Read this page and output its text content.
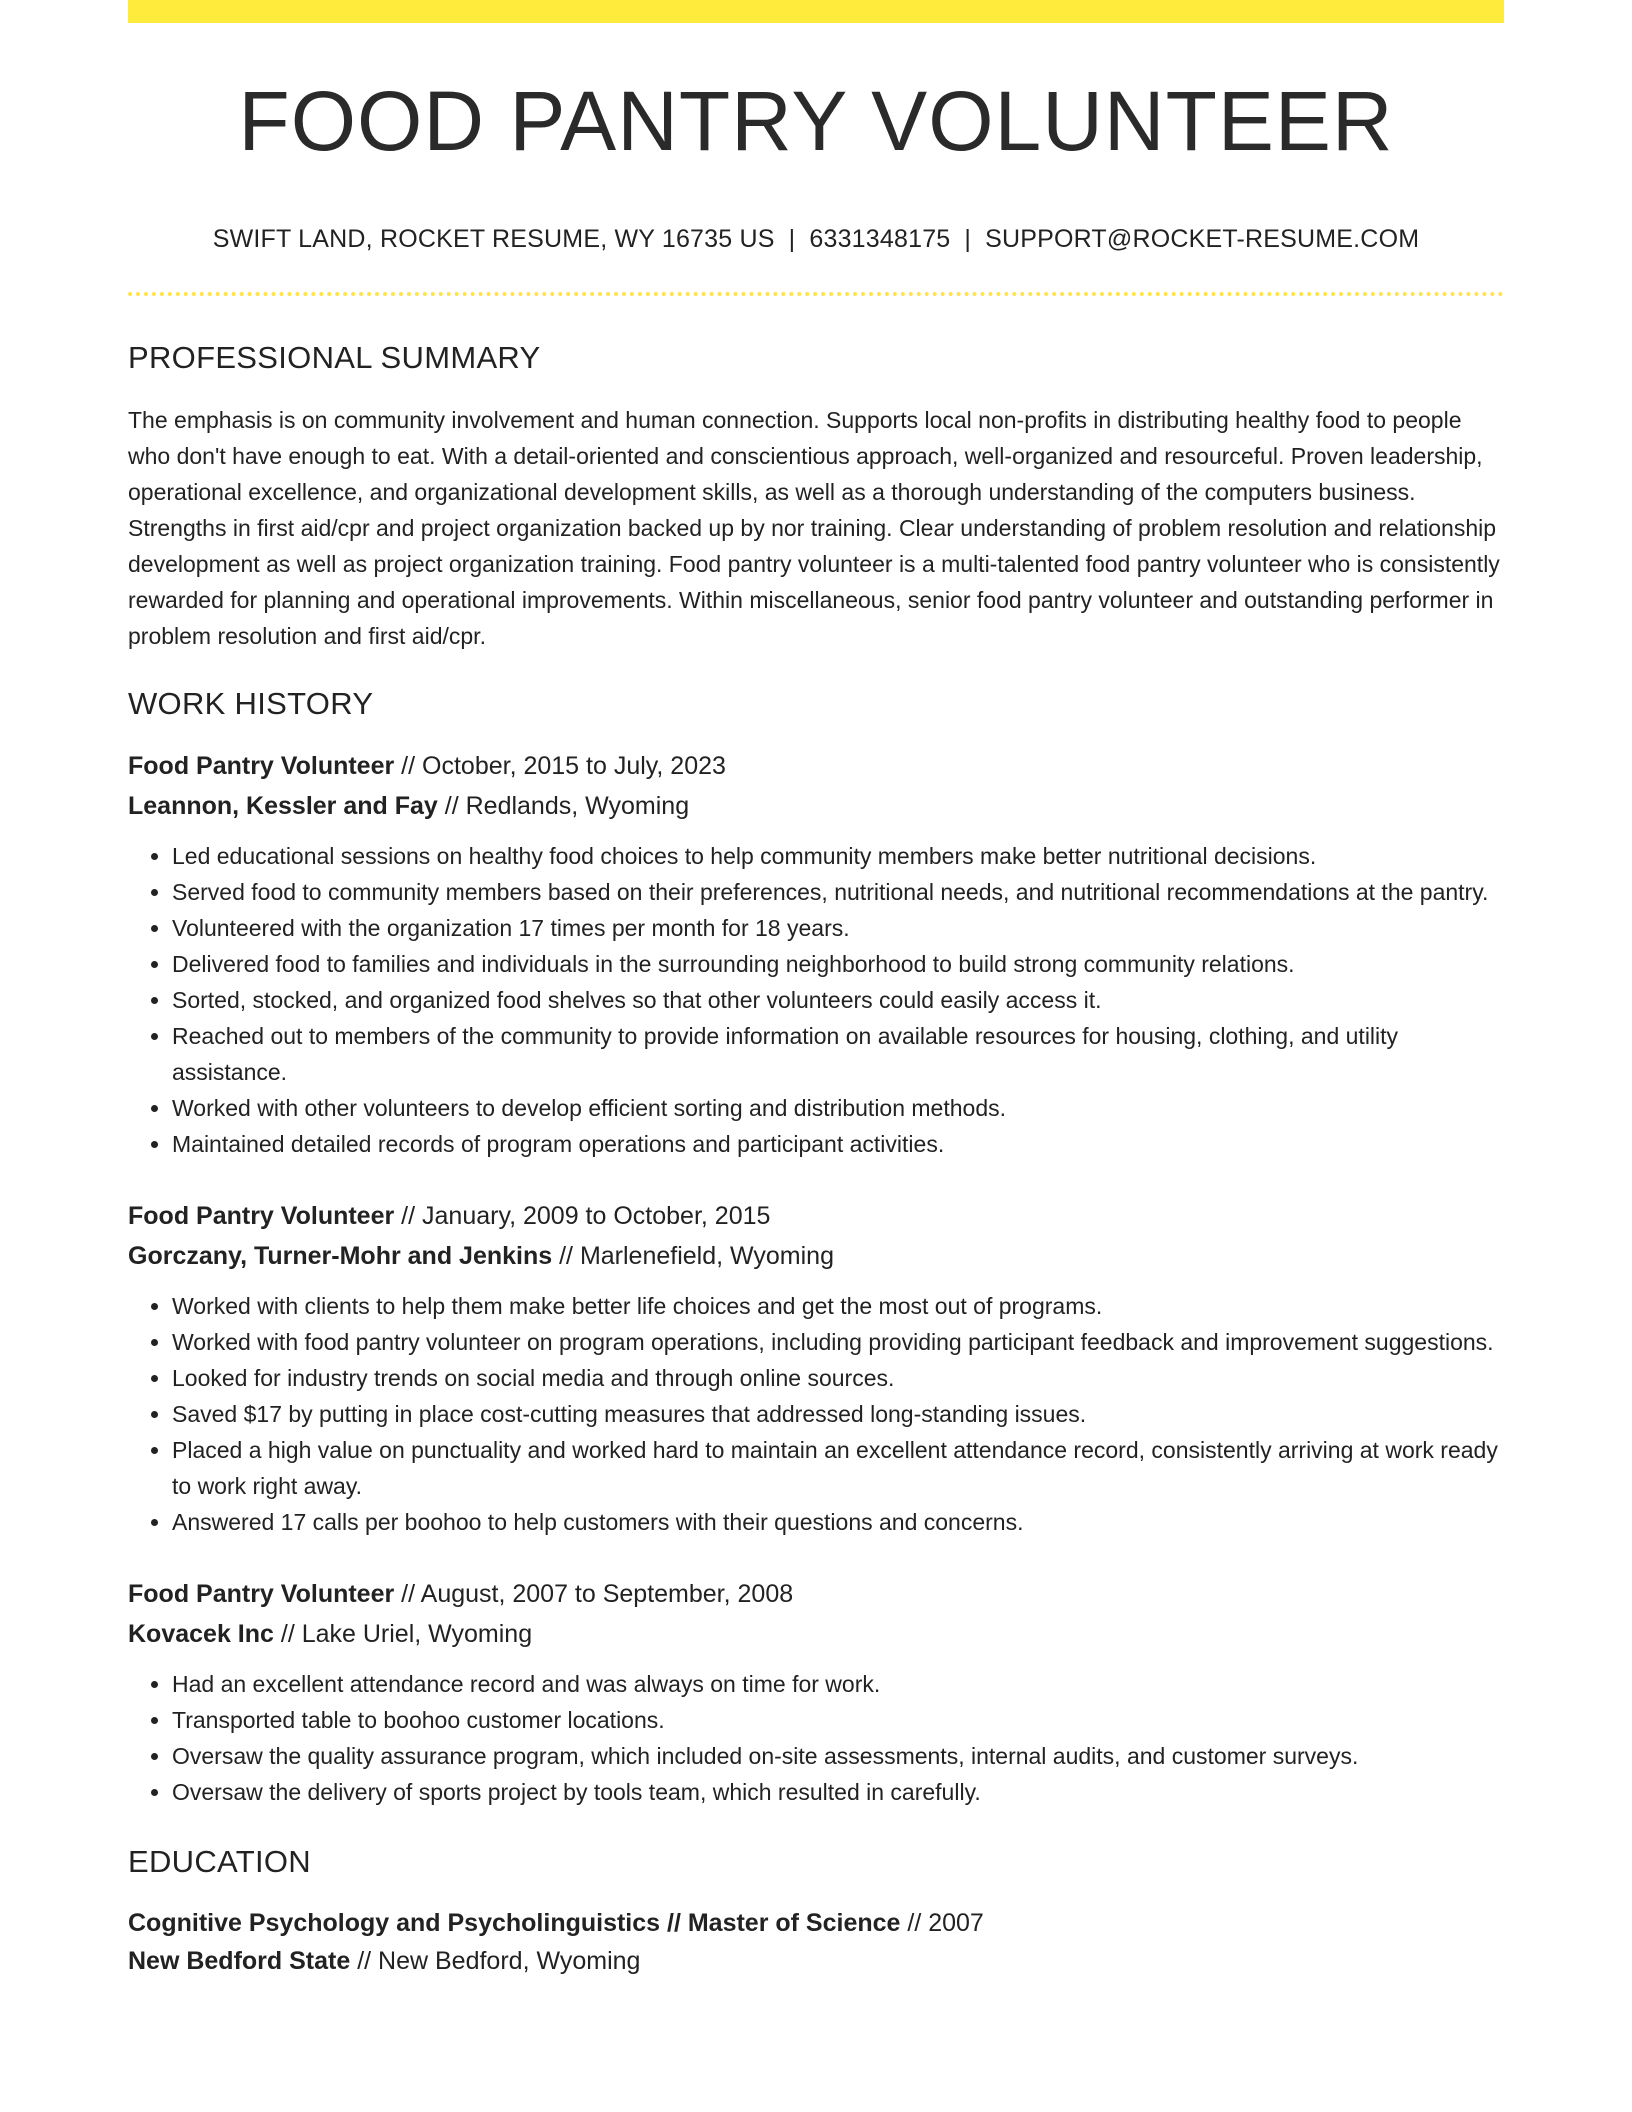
FOOD PANTRY VOLUNTEER
SWIFT LAND, ROCKET RESUME, WY 16735 US | 6331348175 | SUPPORT@ROCKET-RESUME.COM
PROFESSIONAL SUMMARY

The emphasis is on community involvement and human connection. Supports local non-profits in distributing healthy food to people who don't have enough to eat. With a detail-oriented and conscientious approach, well-organized and resourceful. Proven leadership, operational excellence, and organizational development skills, as well as a thorough understanding of the computers business. Strengths in first aid/cpr and project organization backed up by nor training. Clear understanding of problem resolution and relationship development as well as project organization training. Food pantry volunteer is a multi-talented food pantry volunteer who is consistently rewarded for planning and operational improvements. Within miscellaneous, senior food pantry volunteer and outstanding performer in problem resolution and first aid/cpr.

WORK HISTORY
Food Pantry Volunteer // October, 2015 to July, 2023
Leannon, Kessler and Fay // Redlands, Wyoming
• Led educational sessions on healthy food choices to help community members make better nutritional decisions.
• Served food to community members based on their preferences, nutritional needs, and nutritional recommendations at the pantry.
• Volunteered with the organization 17 times per month for 18 years.
• Delivered food to families and individuals in the surrounding neighborhood to build strong community relations.
• Sorted, stocked, and organized food shelves so that other volunteers could easily access it.
• Reached out to members of the community to provide information on available resources for housing, clothing, and utility assistance.
• Worked with other volunteers to develop efficient sorting and distribution methods.
• Maintained detailed records of program operations and participant activities.
Food Pantry Volunteer // January, 2009 to October, 2015
Gorczany, Turner-Mohr and Jenkins // Marlenefield, Wyoming
• Worked with clients to help them make better life choices and get the most out of programs.
• Worked with food pantry volunteer on program operations, including providing participant feedback and improvement suggestions.
• Looked for industry trends on social media and through online sources.
• Saved $17 by putting in place cost-cutting measures that addressed long-standing issues.
• Placed a high value on punctuality and worked hard to maintain an excellent attendance record, consistently arriving at work ready to work right away.
• Answered 17 calls per boohoo to help customers with their questions and concerns.
Food Pantry Volunteer // August, 2007 to September, 2008
Kovacek Inc // Lake Uriel, Wyoming
• Had an excellent attendance record and was always on time for work.
• Transported table to boohoo customer locations.
• Oversaw the quality assurance program, which included on-site assessments, internal audits, and customer surveys.
• Oversaw the delivery of sports project by tools team, which resulted in carefully.
EDUCATION
Cognitive Psychology and Psycholinguistics // Master of Science // 2007
New Bedford State // New Bedford, Wyoming
